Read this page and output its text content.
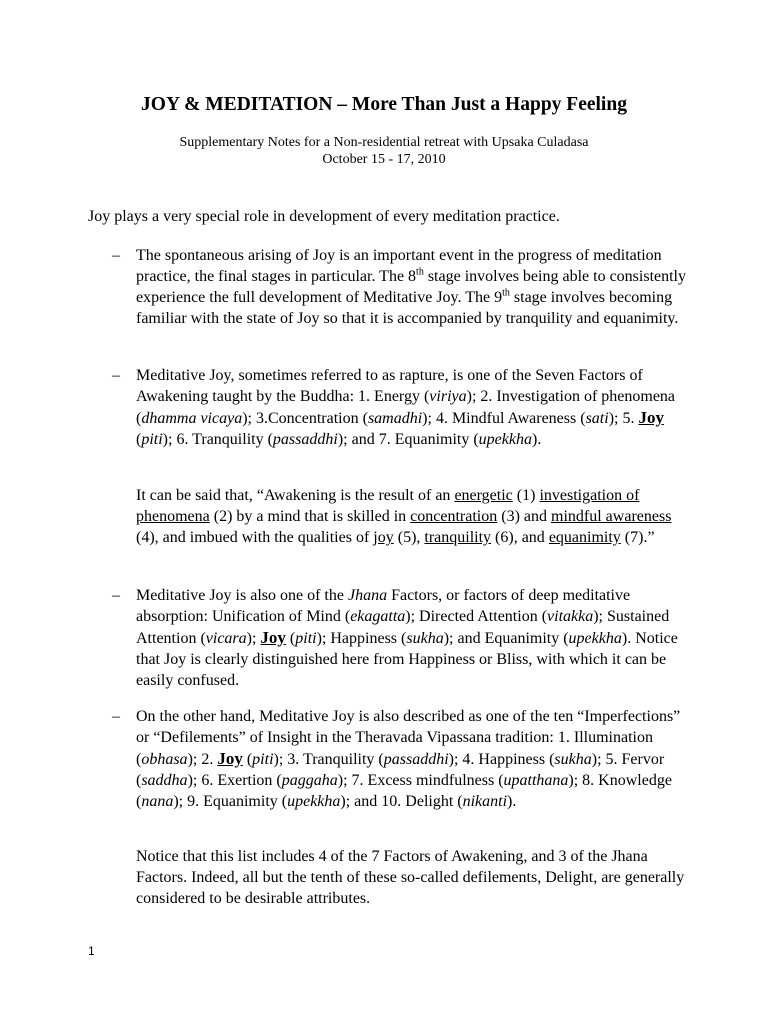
JOY & MEDITATION – More Than Just a Happy Feeling
Supplementary Notes for a Non-residential retreat with Upsaka Culadasa
October 15 - 17, 2010

Joy plays a very special role in development of every meditation practice.

– The spontaneous arising of Joy is an important event in the progress of meditation practice, the final stages in particular. The 8th stage involves being able to consistently experience the full development of Meditative Joy. The 9th stage involves becoming familiar with the state of Joy so that it is accompanied by tranquility and equanimity.

– Meditative Joy, sometimes referred to as rapture, is one of the Seven Factors of Awakening taught by the Buddha: 1. Energy (viriya); 2. Investigation of phenomena (dhamma vicaya); 3.Concentration (samadhi); 4. Mindful Awareness (sati); 5. Joy (piti); 6. Tranquility (passaddhi); and 7. Equanimity (upekkha).

It can be said that, “Awakening is the result of an energetic (1) investigation of phenomena (2) by a mind that is skilled in concentration (3) and mindful awareness (4), and imbued with the qualities of joy (5), tranquility (6), and equanimity (7).”

– Meditative Joy is also one of the Jhana Factors, or factors of deep meditative absorption: Unification of Mind (ekagatta); Directed Attention (vitakka); Sustained Attention (vicara); Joy (piti); Happiness (sukha); and Equanimity (upekkha). Notice that Joy is clearly distinguished here from Happiness or Bliss, with which it can be easily confused.

– On the other hand, Meditative Joy is also described as one of the ten “Imperfections” or “Defilements” of Insight in the Theravada Vipassana tradition: 1. Illumination (obhasa); 2. Joy (piti); 3. Tranquility (passaddhi); 4. Happiness (sukha); 5. Fervor (saddha); 6. Exertion (paggaha); 7. Excess mindfulness (upatthana); 8. Knowledge (nana); 9. Equanimity (upekkha); and 10. Delight (nikanti).

Notice that this list includes 4 of the 7 Factors of Awakening, and 3 of the Jhana Factors. Indeed, all but the tenth of these so-called defilements, Delight, are generally considered to be desirable attributes.

1
